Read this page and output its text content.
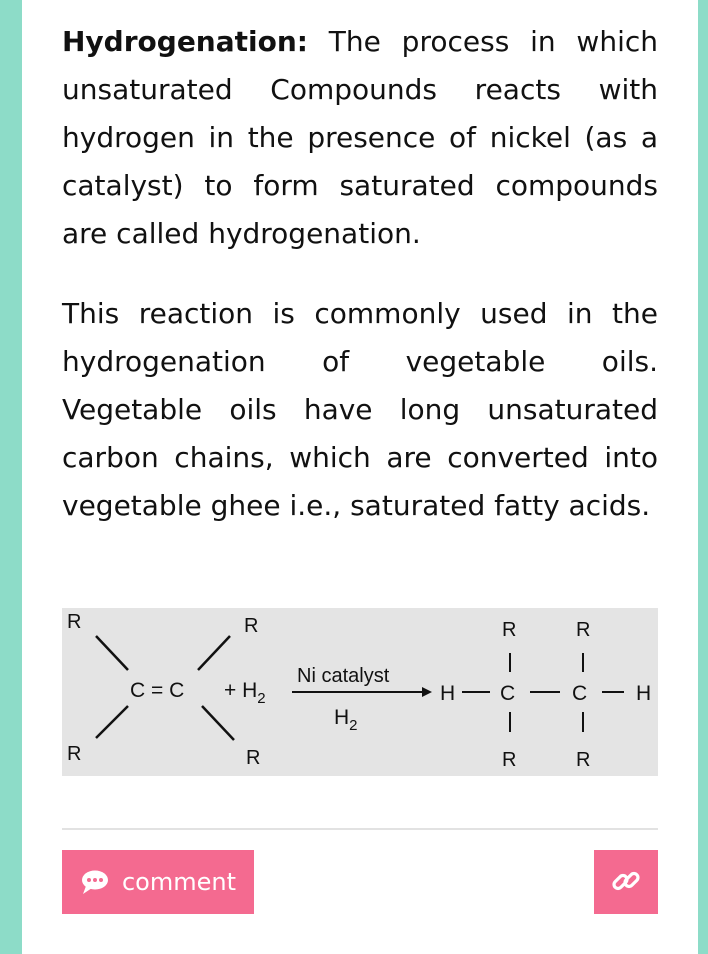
Hydrogenation: The process in which unsaturated Compounds reacts with hydrogen in the presence of nickel (as a catalyst) to form saturated compounds are called hydrogenation.
This reaction is commonly used in the hydrogenation of vegetable oils. Vegetable oils have long unsaturated carbon chains, which are converted into vegetable ghee i.e., saturated fatty acids.
R
R
R
R
$C = C + H_2$
Ni catalyst
$H_2$
H C	C H
R	R
R	R
comment
